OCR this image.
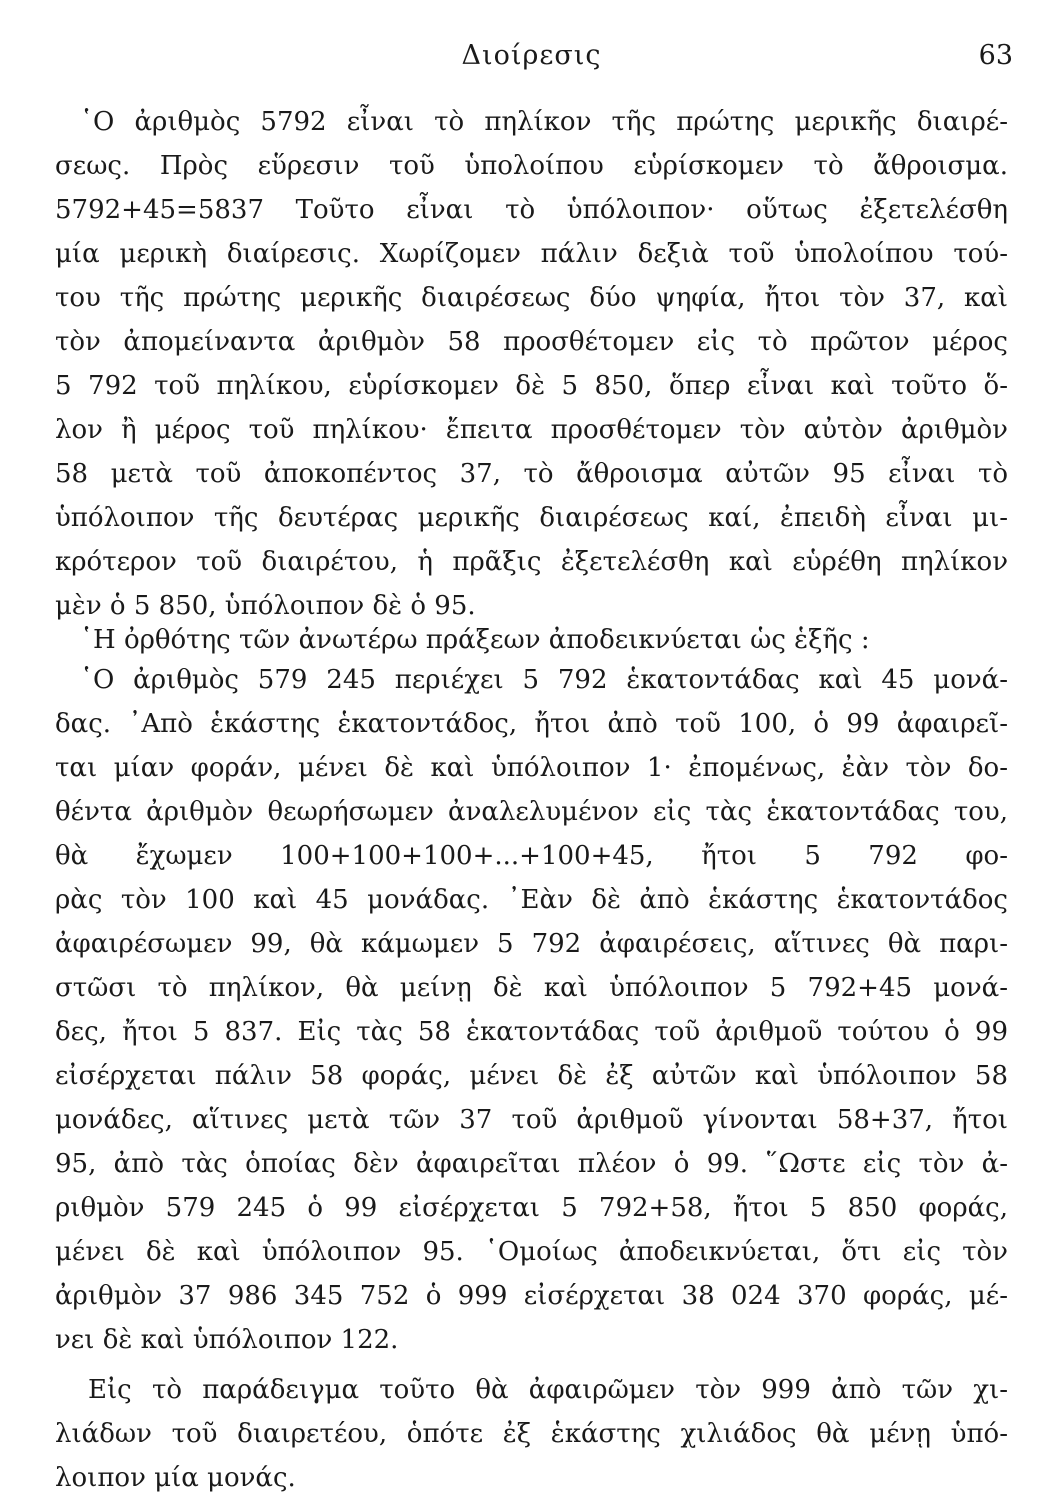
Διοίρεσις	63
῾Ο ἀριθμὸς 5792 εἶναι τὸ πηλίκον τῆς πρώτης μερικῆς διαιρέ-
σεως. Πρὸς εὕρεσιν τοῦ ὑπολοίπου εὑρίσκομεν τὸ ἄθροισμα.
5792+45=5837 Τοῦτο εἶναι τὸ ὑπόλοιπον· οὕτως ἐξετελέσθη
μία μερικὴ διαίρεσις. Χωρίζομεν πάλιν δεξιὰ τοῦ ὑπολοίπου τού-
του τῆς πρώτης μερικῆς διαιρέσεως δύο ψηφία, ἤτοι τὸν 37, καὶ
τὸν ἀπομείναντα ἀριθμὸν 58 προσθέτομεν εἰς τὸ πρῶτον μέρος
5 792 τοῦ πηλίκου, εὑρίσκομεν δὲ 5 850, ὅπερ εἶναι καὶ τοῦτο ὅ-
λον ἢ μέρος τοῦ πηλίκου· ἔπειτα προσθέτομεν τὸν αὐτὸν ἀριθμὸν
58 μετὰ τοῦ ἀποκοπέντος 37, τὸ ἄθροισμα αὐτῶν 95 εἶναι τὸ
ὑπόλοιπον τῆς δευτέρας μερικῆς διαιρέσεως καί, ἐπειδὴ εἶναι μι-
κρότερον τοῦ διαιρέτου, ἡ πρᾶξις ἐξετελέσθη καὶ εὑρέθη πηλίκον
μὲν ὁ 5 850, ὑπόλοιπον δὲ ὁ 95.
῾Η ὀρθότης τῶν ἀνωτέρω πράξεων ἀποδεικνύεται ὡς ἑξῆς :
῾Ο ἀριθμὸς 579 245 περιέχει 5 792 ἑκατοντάδας καὶ 45 μονά-
δας. ᾿Απὸ ἑκάστης ἑκατοντάδος, ἤτοι ἀπὸ τοῦ 100, ὁ 99 ἀφαιρεῖ-
ται μίαν φοράν, μένει δὲ καὶ ὑπόλοιπον 1· ἐπομένως, ἐὰν τὸν δο-
θέντα ἀριθμὸν θεωρήσωμεν ἀναλελυμένον εἰς τὰς ἑκατοντάδας του,
θὰ ἔχωμεν 100+100+100+...+100+45, ἤτοι 5 792 φο-
ρὰς τὸν 100 καὶ 45 μονάδας. ᾿Εὰν δὲ ἀπὸ ἑκάστης ἑκατοντάδος
ἀφαιρέσωμεν 99, θὰ κάμωμεν 5 792 ἀφαιρέσεις, αἵτινες θὰ παρι-
στῶσι τὸ πηλίκον, θὰ μείνῃ δὲ καὶ ὑπόλοιπον 5 792+45 μονά-
δες, ἤτοι 5 837. Εἰς τὰς 58 ἑκατοντάδας τοῦ ἀριθμοῦ τούτου ὁ 99
εἰσέρχεται πάλιν 58 φοράς, μένει δὲ ἐξ αὐτῶν καὶ ὑπόλοιπον 58
μονάδες, αἵτινες μετὰ τῶν 37 τοῦ ἀριθμοῦ γίνονται 58+37, ἤτοι
95, ἀπὸ τὰς ὁποίας δὲν ἀφαιρεῖται πλέον ὁ 99. ῞Ωστε εἰς τὸν ἀ-
ριθμὸν 579 245 ὁ 99 εἰσέρχεται 5 792+58, ἤτοι 5 850 φοράς,
μένει δὲ καὶ ὑπόλοιπον 95. ῾Ομοίως ἀποδεικνύεται, ὅτι εἰς τὸν
ἀριθμὸν 37 986 345 752 ὁ 999 εἰσέρχεται 38 024 370 φοράς, μέ-
νει δὲ καὶ ὑπόλοιπον 122.
Εἰς τὸ παράδειγμα τοῦτο θὰ ἀφαιρῶμεν τὸν 999 ἀπὸ τῶν χι-
λιάδων τοῦ διαιρετέου, ὁπότε ἐξ ἑκάστης χιλιάδος θὰ μένῃ ὑπό-
λοιπον μία μονάς.
